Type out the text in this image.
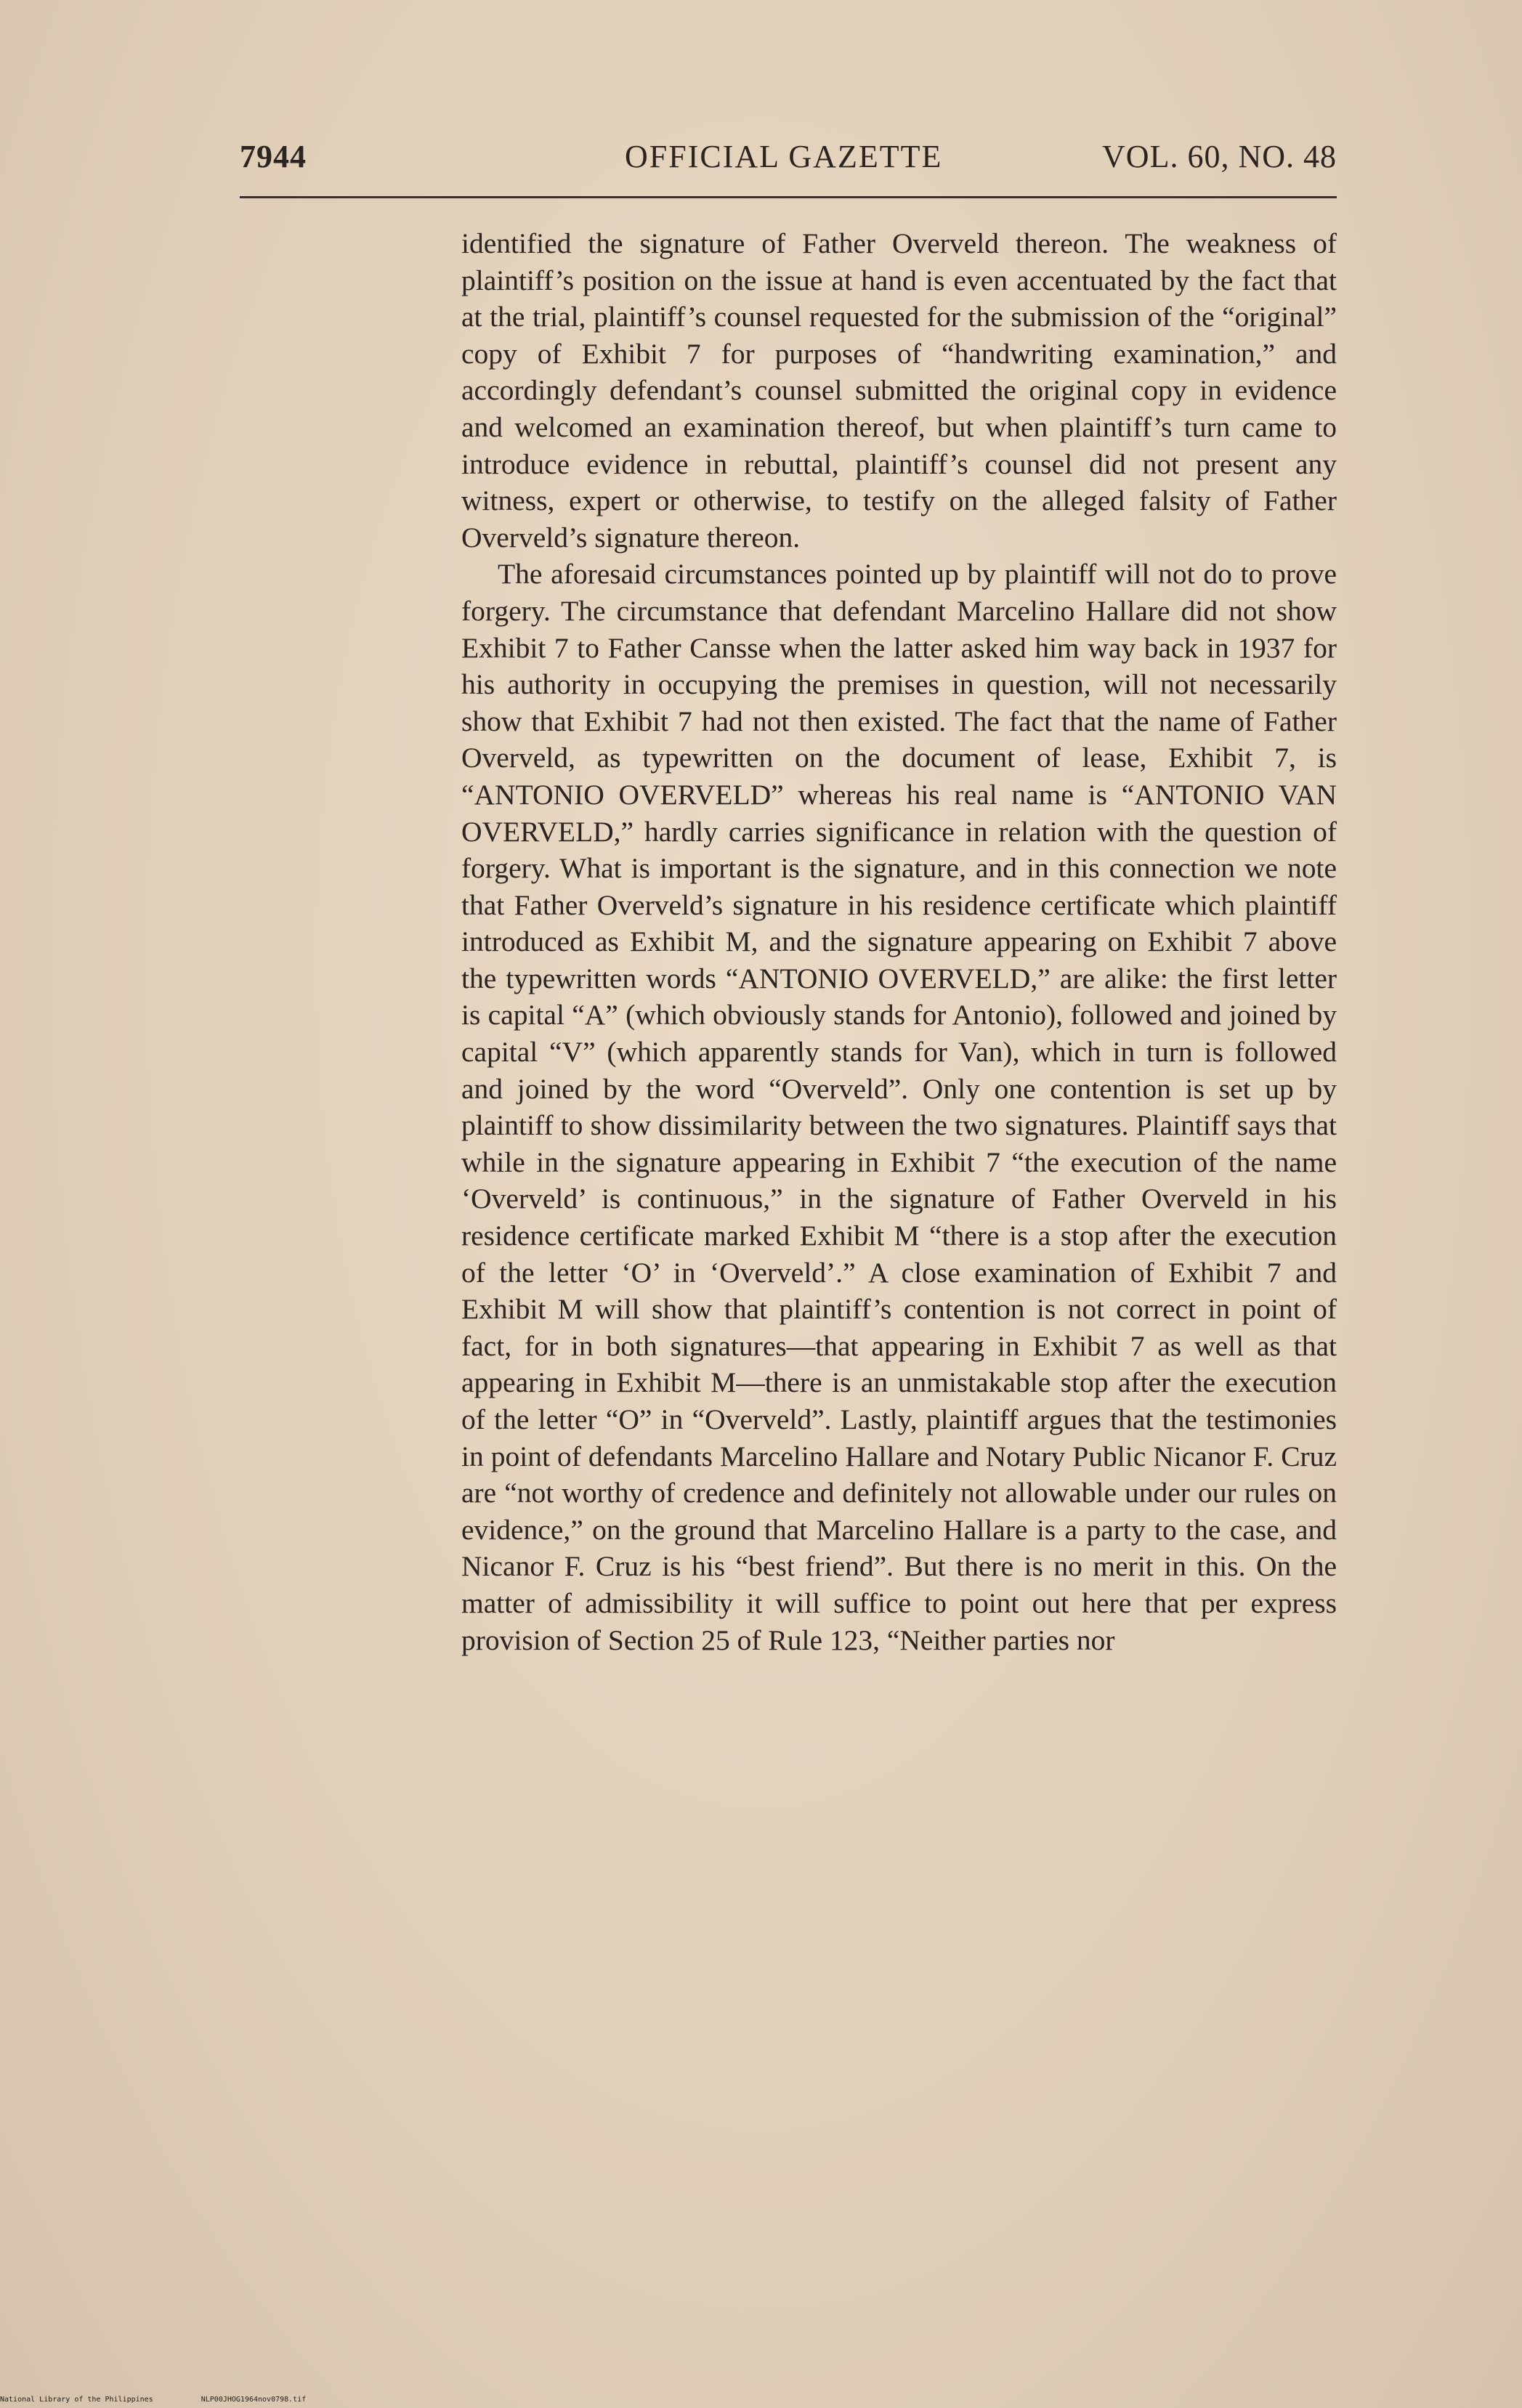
7944	OFFICIAL GAZETTE	VOL. 60, NO. 48

identified the signature of Father Overveld thereon. The weakness of plaintiff’s position on the issue at hand is even accentuated by the fact that at the trial, plaintiff’s counsel requested for the submission of the “original” copy of Exhibit 7 for purposes of “handwriting examination,” and accordingly defendant’s counsel submitted the original copy in evidence and welcomed an examination thereof, but when plaintiff’s turn came to introduce evidence in rebuttal, plaintiff’s counsel did not present any witness, expert or otherwise, to testify on the alleged falsity of Father Overveld’s signature thereon.

The aforesaid circumstances pointed up by plaintiff will not do to prove forgery. The circumstance that defendant Marcelino Hallare did not show Exhibit 7 to Father Cansse when the latter asked him way back in 1937 for his authority in occupying the premises in question, will not necessarily show that Exhibit 7 had not then existed. The fact that the name of Father Overveld, as typewritten on the document of lease, Exhibit 7, is “ANTONIO OVERVELD” whereas his real name is “ANTONIO VAN OVERVELD,” hardly carries significance in relation with the question of forgery. What is important is the signature, and in this connection we note that Father Overveld’s signature in his residence certificate which plaintiff introduced as Exhibit M, and the signature appearing on Exhibit 7 above the typewritten words “ANTONIO OVERVELD,” are alike: the first letter is capital “A” (which obviously stands for Antonio), followed and joined by capital “V” (which apparently stands for Van), which in turn is followed and joined by the word “Overveld”. Only one contention is set up by plaintiff to show dissimilarity between the two signatures. Plaintiff says that while in the signature appearing in Exhibit 7 “the execution of the name ‘Overveld’ is continuous,” in the signature of Father Overveld in his residence certificate marked Exhibit M “there is a stop after the execution of the letter ‘O’ in ‘Overveld’.” A close examination of Exhibit 7 and Exhibit M will show that plaintiff’s contention is not correct in point of fact, for in both signatures—that appearing in Exhibit 7 as well as that appearing in Exhibit M—there is an unmistakable stop after the execution of the letter “O” in “Overveld”. Lastly, plaintiff argues that the testimonies in point of defendants Marcelino Hallare and Notary Public Nicanor F. Cruz are “not worthy of credence and definitely not allowable under our rules on evidence,” on the ground that Marcelino Hallare is a party to the case, and Nicanor F. Cruz is his “best friend”. But there is no merit in this. On the matter of admissibility it will suffice to point out here that per express provision of Section 25 of Rule 123, “Neither parties nor

National Library of the Philippines	NLP00JHOG1964nov0798.tif
